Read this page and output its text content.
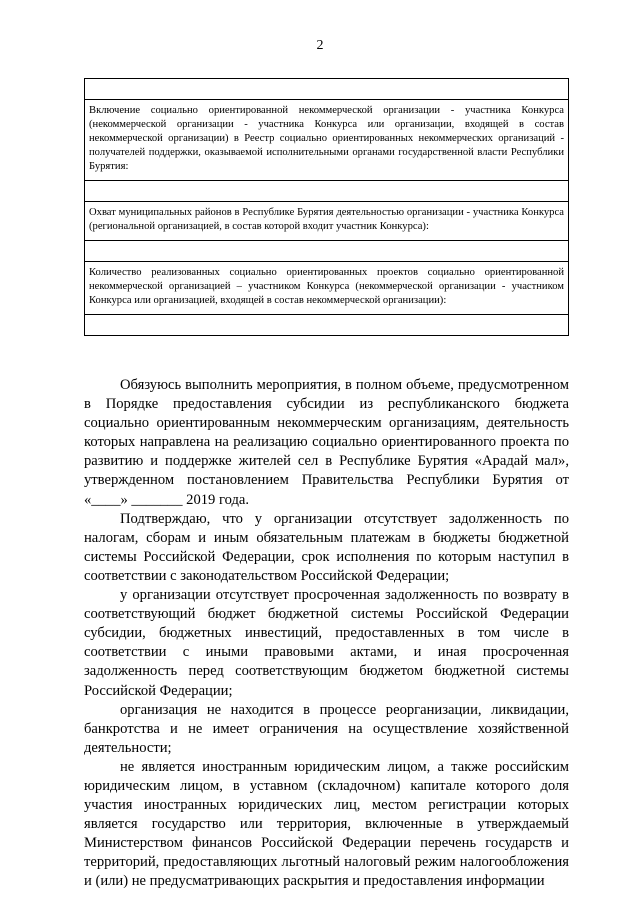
2

Включение социально ориентированной некоммерческой организации - участника Конкурса (некоммерческой организации - участника Конкурса или организации, входящей в состав некоммерческой организации) в Реестр социально ориентированных некоммерческих организаций - получателей поддержки, оказываемой исполнительными органами государственной власти Республики Бурятия:

Охват муниципальных районов в Республике Бурятия деятельностью организации - участника Конкурса (региональной организацией, в состав которой входит участник Конкурса):

Количество реализованных социально ориентированных проектов социально ориентированной некоммерческой организацией – участником Конкурса (некоммерческой организации - участником Конкурса или организацией, входящей в состав некоммерческой организации):

Обязуюсь выполнить мероприятия, в полном объеме, предусмотренном в Порядке предоставления субсидии из республиканского бюджета социально ориентированным некоммерческим организациям, деятельность которых направлена на реализацию социально ориентированного проекта по развитию и поддержке жителей сел в Республике Бурятия «Арадай мал», утвержденном постановлением Правительства Республики Бурятия от «____» _______ 2019 года.

Подтверждаю, что у организации отсутствует задолженность по налогам, сборам и иным обязательным платежам в бюджеты бюджетной системы Российской Федерации, срок исполнения по которым наступил в соответствии с законодательством Российской Федерации;

у организации отсутствует просроченная задолженность по возврату в соответствующий бюджет бюджетной системы Российской Федерации субсидии, бюджетных инвестиций, предоставленных в том числе в соответствии с иными правовыми актами, и иная просроченная задолженность перед соответствующим бюджетом бюджетной системы Российской Федерации;

организация не находится в процессе реорганизации, ликвидации, банкротства и не имеет ограничения на осуществление хозяйственной деятельности;

не является иностранным юридическим лицом, а также российским юридическим лицом, в уставном (складочном) капитале которого доля участия иностранных юридических лиц, местом регистрации которых является государство или территория, включенные в утверждаемый Министерством финансов Российской Федерации перечень государств и территорий, предоставляющих льготный налоговый режим налогообложения и (или) не предусматривающих раскрытия и предоставления информации
